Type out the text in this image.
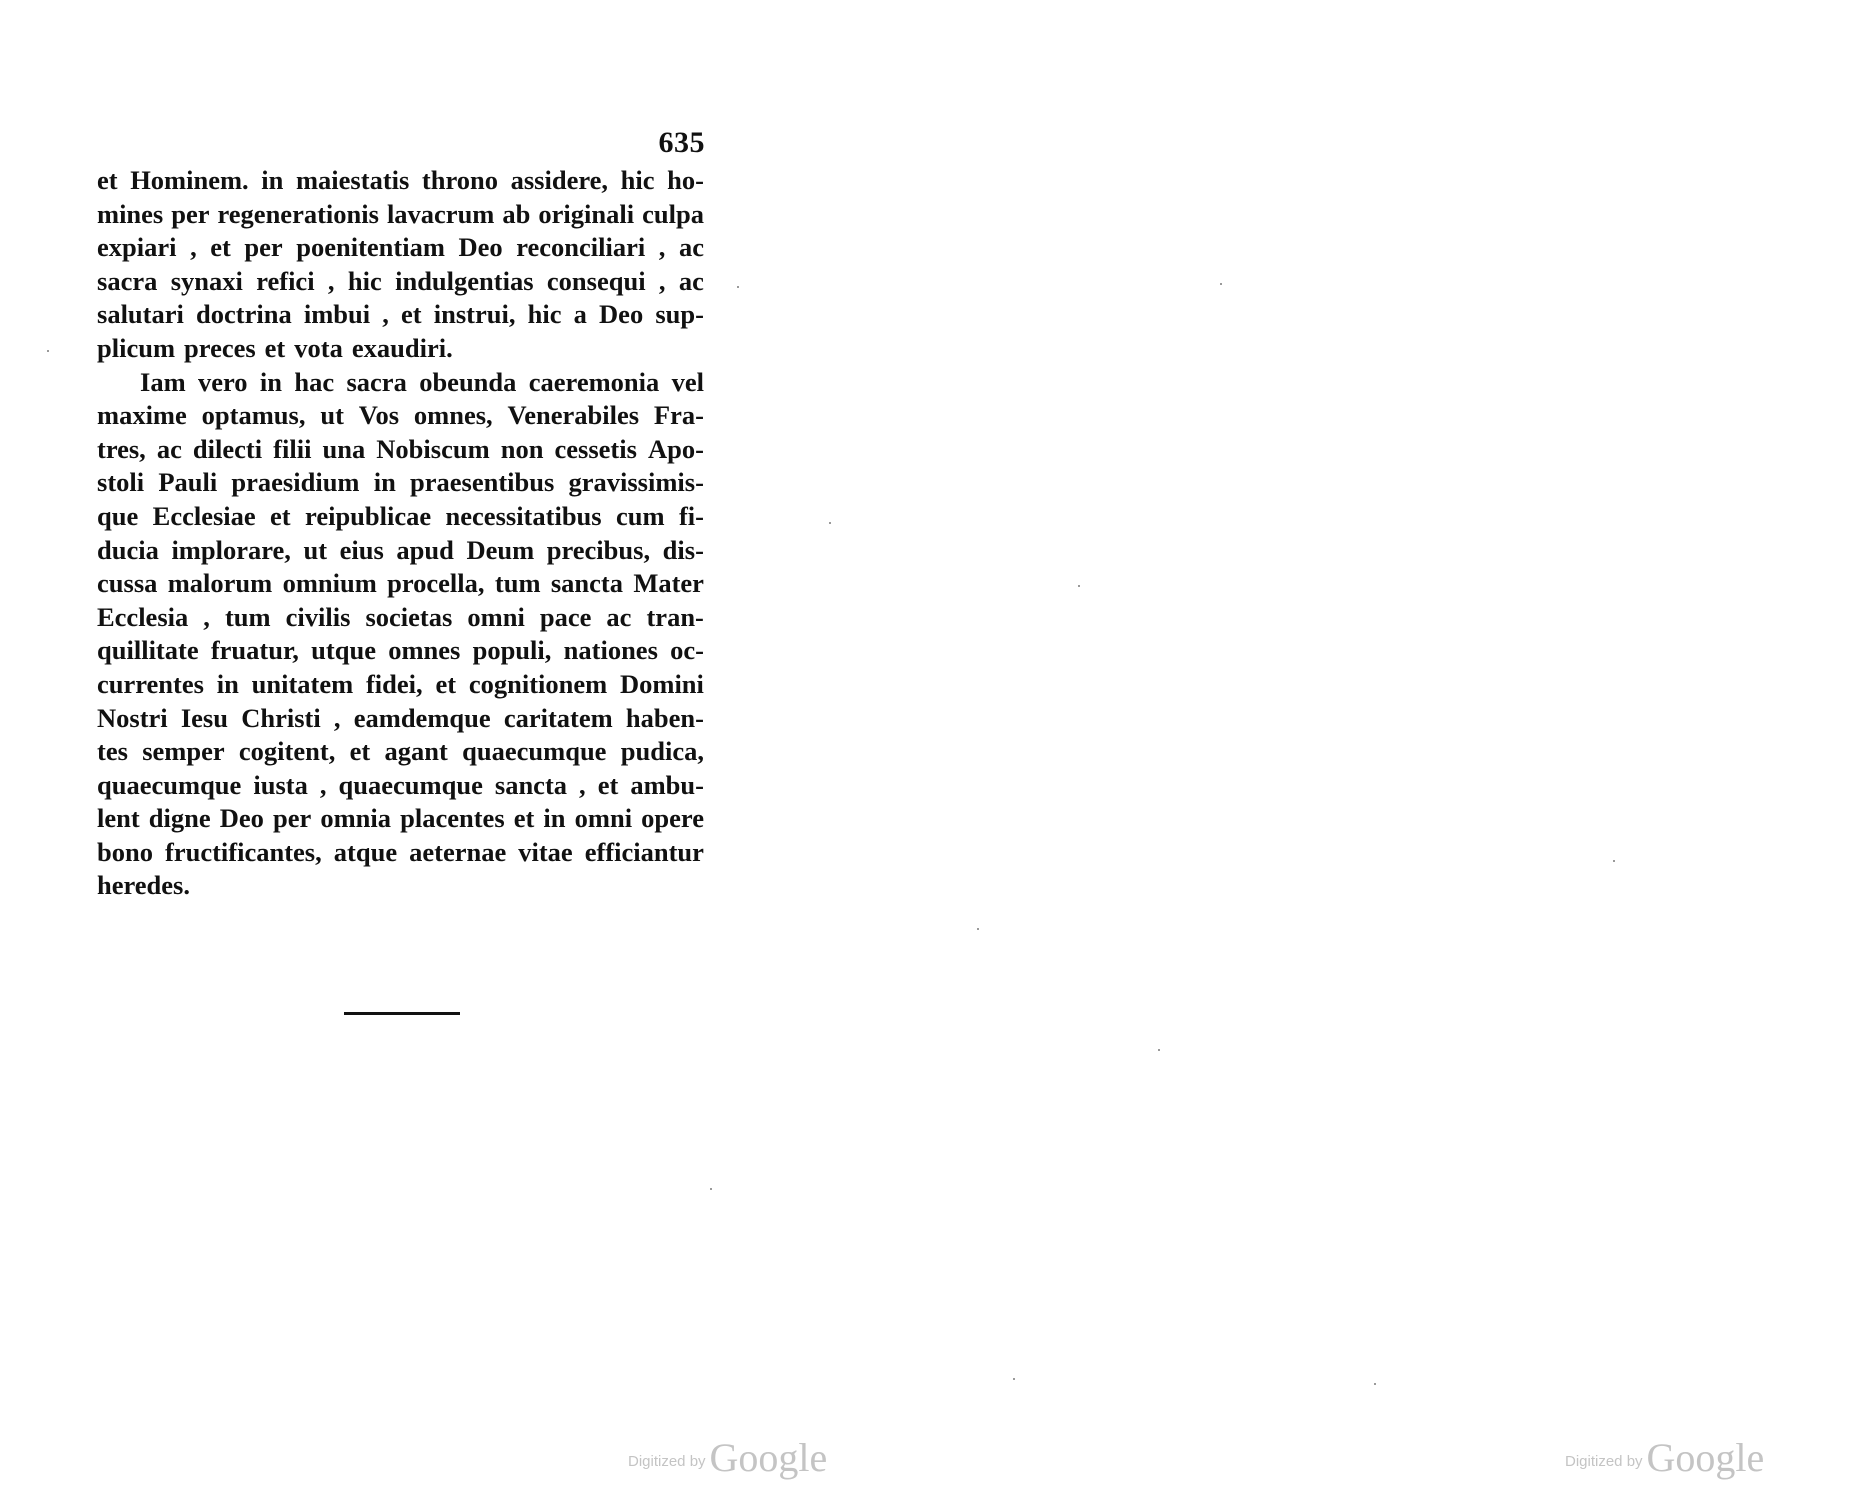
635
et Hominem. in maiestatis throno assidere, hic ho-
mines per regenerationis lavacrum ab originali culpa
expiari , et per poenitentiam Deo reconciliari , ac
sacra synaxi refici , hic indulgentias consequi , ac
salutari doctrina imbui , et instrui, hic a Deo sup-
plicum preces et vota exaudiri.
Iam vero in hac sacra obeunda caeremonia vel
maxime optamus, ut Vos omnes, Venerabiles Fra-
tres, ac dilecti filii una Nobiscum non cessetis Apo-
stoli Pauli praesidium in praesentibus gravissimis-
que Ecclesiae et reipublicae necessitatibus cum fi-
ducia implorare, ut eius apud Deum precibus, dis-
cussa malorum omnium procella, tum sancta Mater
Ecclesia , tum civilis societas omni pace ac tran-
quillitate fruatur, utque omnes populi, nationes oc-
currentes in unitatem fidei, et cognitionem Domini
Nostri Iesu Christi , eamdemque caritatem haben-
tes semper cogitent, et agant quaecumque pudica,
quaecumque iusta , quaecumque sancta , et ambu-
lent digne Deo per omnia placentes et in omni opere
bono fructificantes, atque aeternae vitae efficiantur
heredes.
Digitized by Google	Digitized by Google
